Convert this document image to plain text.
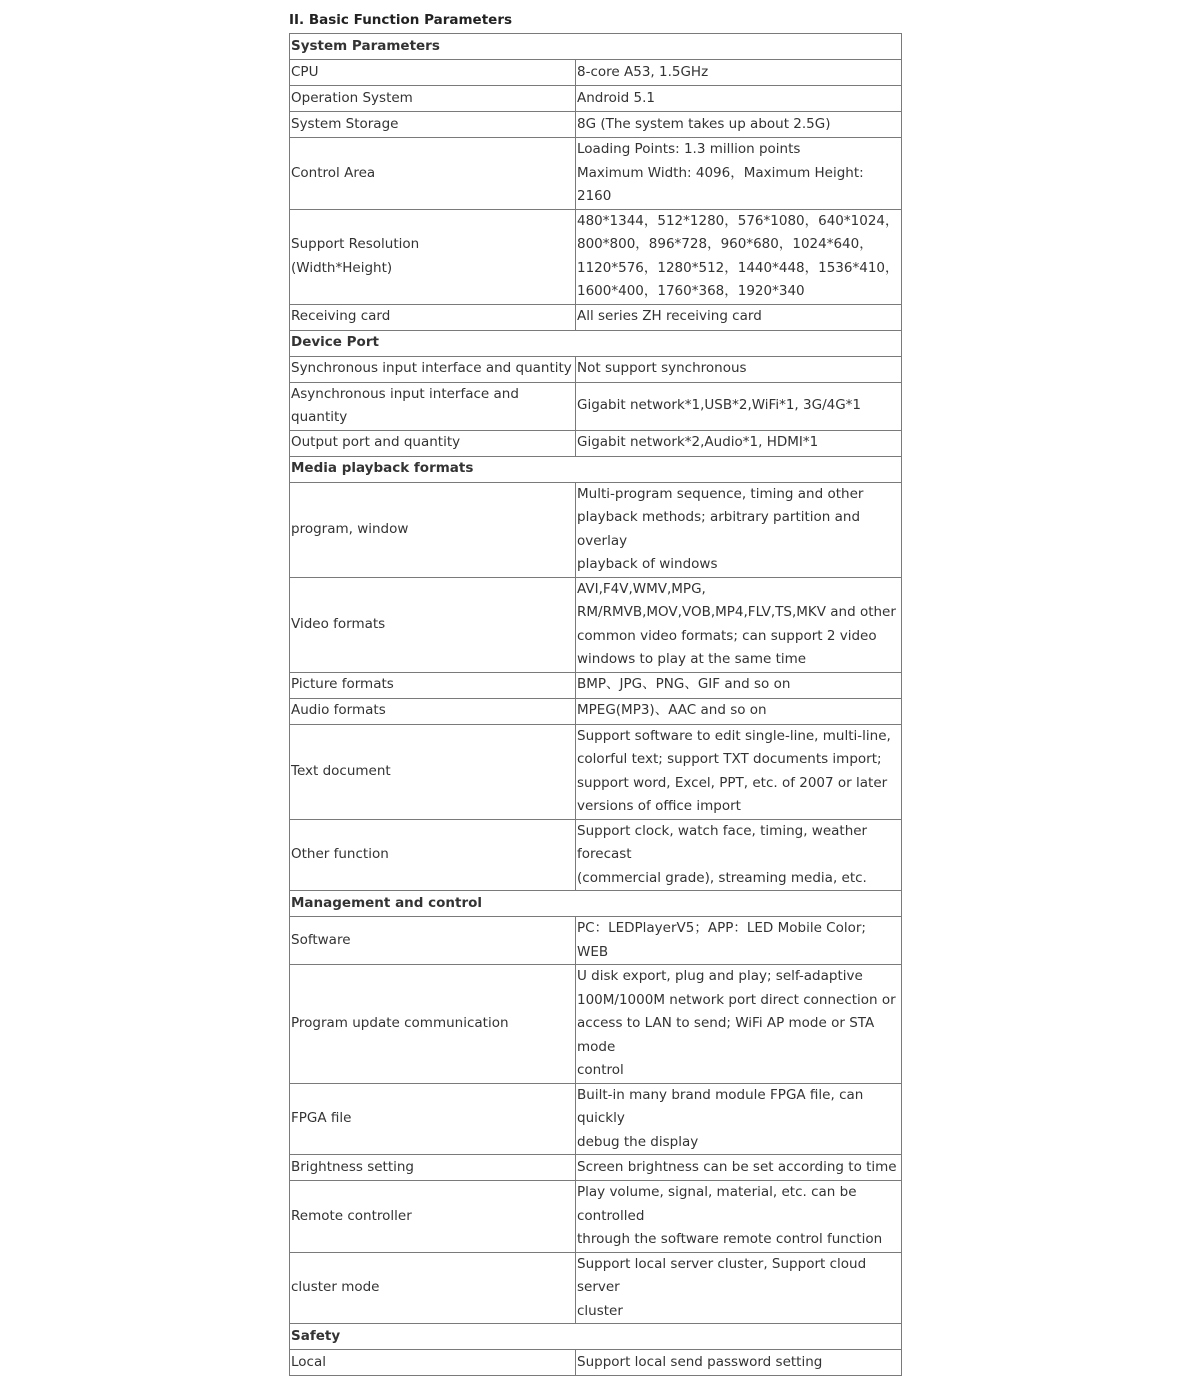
II. Basic Function Parameters
System Parameters	
CPU	8-core A53, 1.5GHz
Operation System	Android 5.1
System Storage	8G (The system takes up about 2.5G)
Control Area	Loading Points: 1.3 million points
Maximum Width: 4096，Maximum Height: 2160
Support Resolution
(Width*Height)	480*1344，512*1280，576*1080，640*1024，
800*800，896*728，960*680，1024*640，
1120*576，1280*512，1440*448，1536*410，
1600*400，1760*368，1920*340
Receiving card	All series ZH receiving card
Device Port	
Synchronous input interface and quantity	Not support synchronous
Asynchronous input interface and quantity	Gigabit network*1,USB*2,WiFi*1, 3G/4G*1
Output port and quantity	Gigabit network*2,Audio*1, HDMI*1
Media playback formats	
program, window	Multi-program sequence, timing and other
playback methods; arbitrary partition and overlay
playback of windows
Video formats	AVI,F4V,WMV,MPG,
RM/RMVB,MOV,VOB,MP4,FLV,TS,MKV and other
common video formats; can support 2 video
windows to play at the same time
Picture formats	BMP、JPG、PNG、GIF and so on
Audio formats	MPEG(MP3)、AAC and so on
Text document	Support software to edit single-line, multi-line,
colorful text; support TXT documents import;
support word, Excel, PPT, etc. of 2007 or later
versions of office import
Other function	Support clock, watch face, timing, weather forecast
(commercial grade), streaming media, etc.
Management and control	
Software	PC：LEDPlayerV5；APP：LED Mobile Color; WEB
Program update communication	U disk export, plug and play; self-adaptive
100M/1000M network port direct connection or
access to LAN to send; WiFi AP mode or STA mode
control
FPGA file	Built-in many brand module FPGA file, can quickly
debug the display
Brightness setting	Screen brightness can be set according to time
Remote controller	Play volume, signal, material, etc. can be controlled
through the software remote control function
cluster mode	Support local server cluster, Support cloud server
cluster
Safety	
Local	Support local send password setting
